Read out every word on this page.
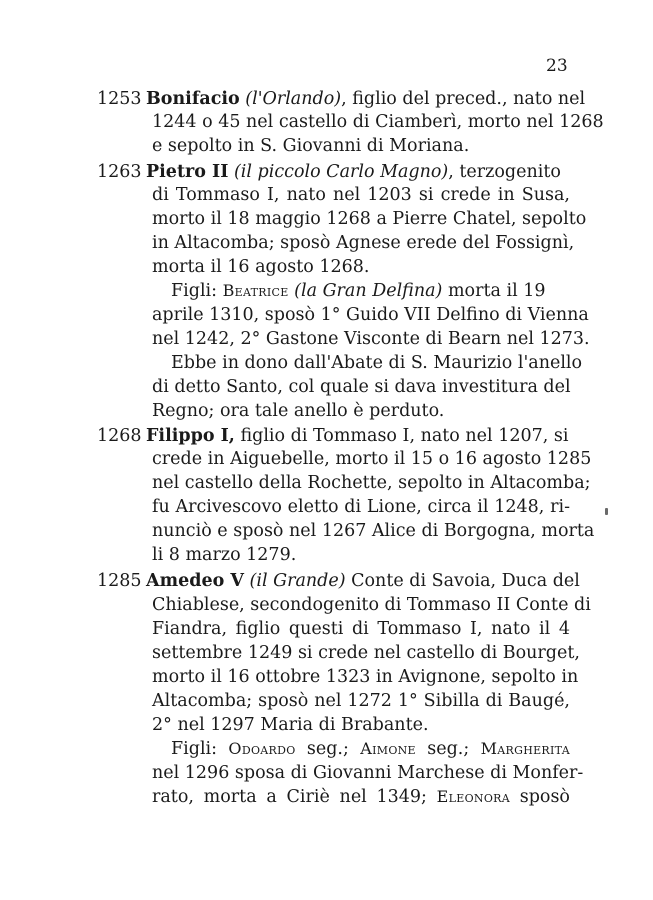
23
1253 Bonifacio (l'Orlando), figlio del preced., nato nel
1244 o 45 nel castello di Ciamberì, morto nel 1268
e sepolto in S. Giovanni di Moriana.
1263 Pietro II (il piccolo Carlo Magno), terzogenito
di Tommaso I, nato nel 1203 si crede in Susa,
morto il 18 maggio 1268 a Pierre Chatel, sepolto
in Altacomba; sposò Agnese erede del Fossignì,
morta il 16 agosto 1268.
Figli: Beatrice (la Gran Delfina) morta il 19
aprile 1310, sposò 1° Guido VII Delfino di Vienna
nel 1242, 2° Gastone Visconte di Bearn nel 1273.
Ebbe in dono dall'Abate di S. Maurizio l'anello
di detto Santo, col quale si dava investitura del
Regno; ora tale anello è perduto.
1268 Filippo I, figlio di Tommaso I, nato nel 1207, si
crede in Aiguebelle, morto il 15 o 16 agosto 1285
nel castello della Rochette, sepolto in Altacomba;
fu Arcivescovo eletto di Lione, circa il 1248, ri-
nunciò e sposò nel 1267 Alice di Borgogna, morta
li 8 marzo 1279.
1285 Amedeo V (il Grande) Conte di Savoia, Duca del
Chiablese, secondogenito di Tommaso II Conte di
Fiandra, figlio questi di Tommaso I, nato il 4
settembre 1249 si crede nel castello di Bourget,
morto il 16 ottobre 1323 in Avignone, sepolto in
Altacomba; sposò nel 1272 1° Sibilla di Baugé,
2° nel 1297 Maria di Brabante.
Figli: Odoardo seg.; Aimone seg.; Margherita
nel 1296 sposa di Giovanni Marchese di Monfer-
rato, morta a Ciriè nel 1349; Eleonora sposò
